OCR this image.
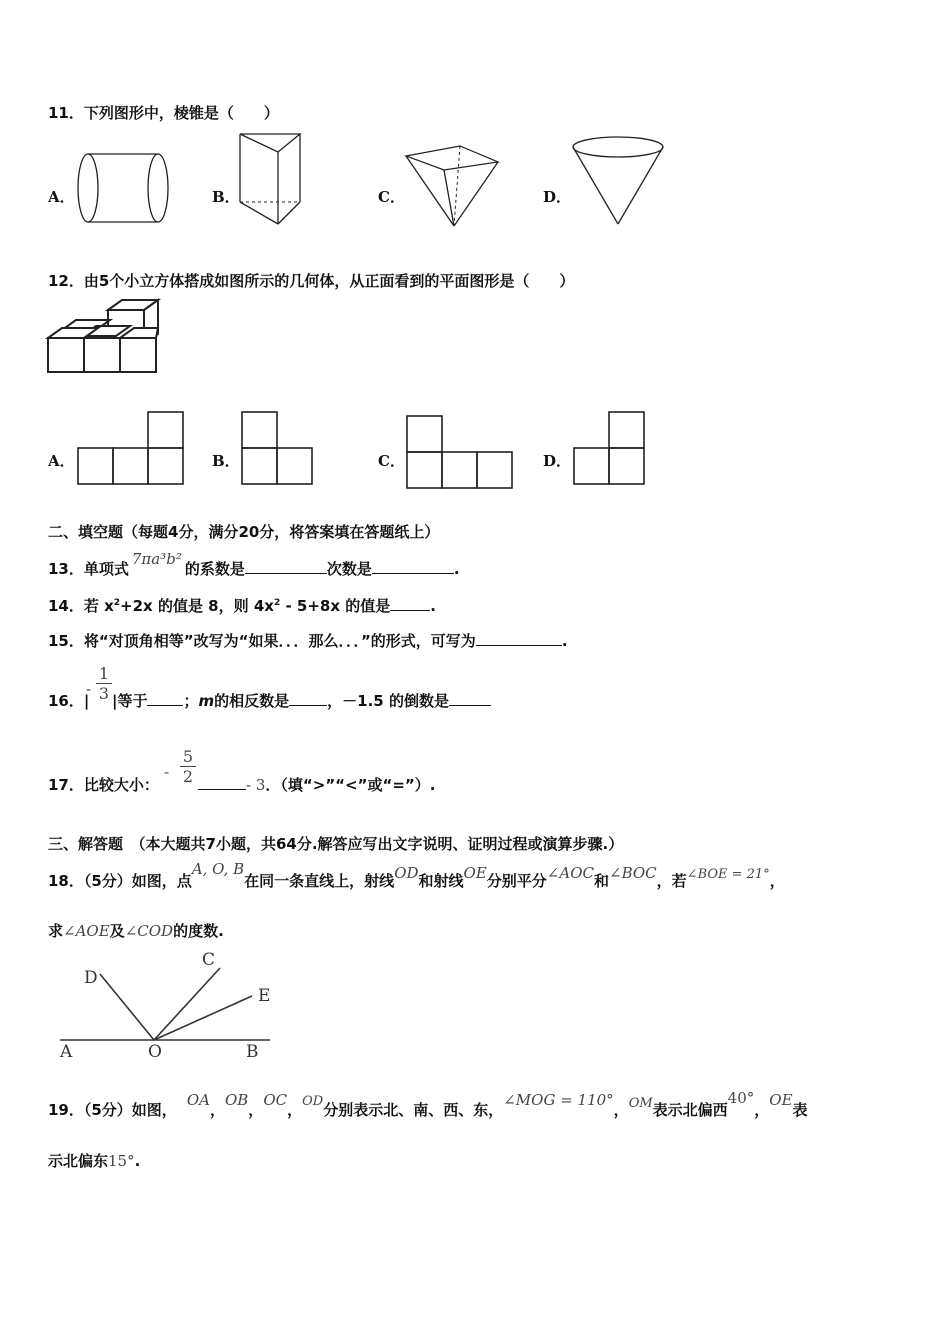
11．下列图形中，棱锥是（　　）
A．	B．	C．	D．
12．由5个小立方体搭成如图所示的几何体，从正面看到的平面图形是（　　）
A．	B．	C．	D．
二、填空题（每题4分，满分20分，将答案填在答题纸上）
13．单项式7πa³b²的系数是	次数是	.
14．若 $x^2+2x$ 的值是 8，则 $4x^2 - 5+8x$ 的值是	.
15．将“对顶角相等”改写为“如果．．．那么．．．”的形式，可写为	.
16．|
- $\frac{1}{3}$ |等于 ；m的相反数是	，－1.5 的倒数是
17．比较大小：
- $\frac{5}{2}$	- 3．（填“>”“<”或“=”）.
三、解答题　（本大题共7小题，共64分.解答应写出文字说明、证明过程或演算步骤.）
18．（5分）如图，点A, O, B在同一条直线上，射线OD和射线OE分别平分∠AOC和∠BOC，若∠BOE = 21°，
求∠AOE及∠COD的度数.
D
C
E
A	O	B
19．（5分）如图，OA，OB，OC，OD分别表示北、南、西、东，∠MOG = 110°，OM表示北偏西40°，OE表
示北偏东15°.
